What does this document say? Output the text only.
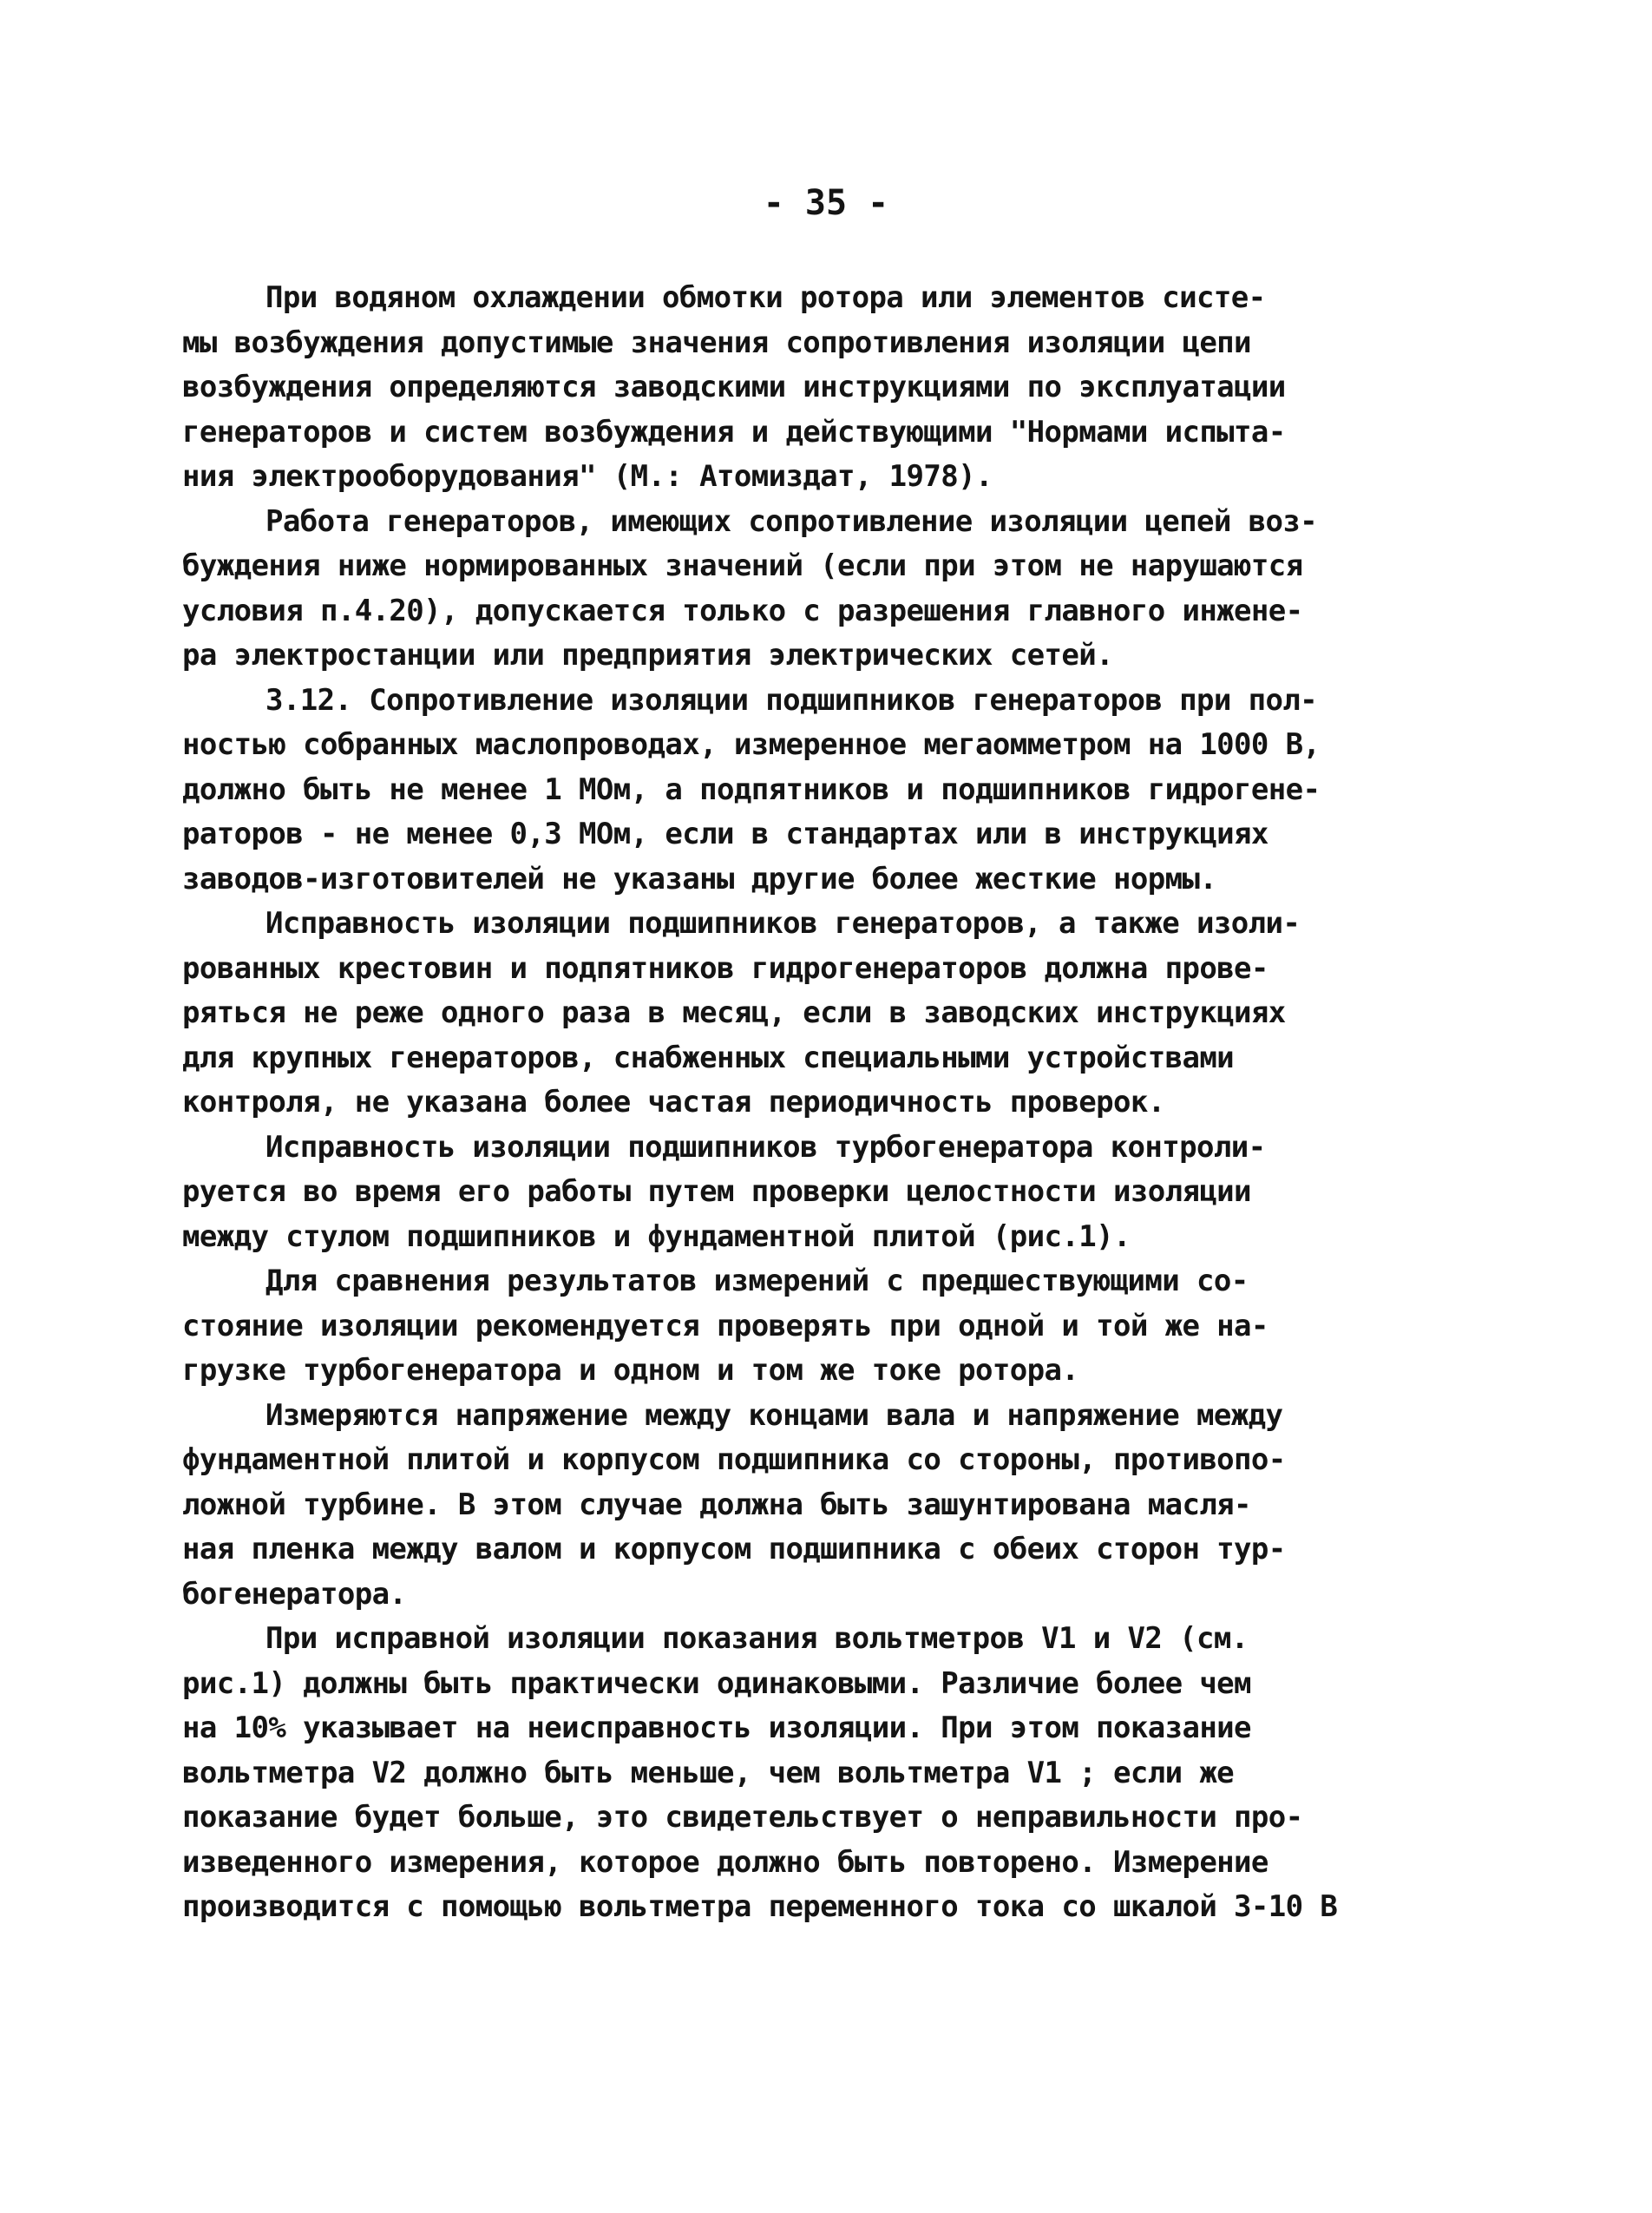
- 35 -
При водяном охлаждении обмотки ротора или элементов систе-
мы возбуждения допустимые значения сопротивления изоляции цепи
возбуждения определяются заводскими инструкциями по эксплуатации
генераторов и систем возбуждения и действующими "Нормами испыта-
ния электрооборудования" (М.: Атомиздат, 1978).
Работа генераторов, имеющих сопротивление изоляции цепей воз-
буждения ниже нормированных значений (если при этом не нарушаются
условия п.4.20), допускается только с разрешения главного инжене-
ра электростанции или предприятия электрических сетей.
3.12. Сопротивление изоляции подшипников генераторов при пол-
ностью собранных маслопроводах, измеренное мегаомметром на 1000 В,
должно быть не менее 1 МОм, а подпятников и подшипников гидрогене-
раторов - не менее 0,3 МОм, если в стандартах или в инструкциях
заводов-изготовителей не указаны другие более жесткие нормы.
Исправность изоляции подшипников генераторов, а также изоли-
рованных крестовин и подпятников гидрогенераторов должна прове-
ряться не реже одного раза в месяц, если в заводских инструкциях
для крупных генераторов, снабженных специальными устройствами
контроля, не указана более частая периодичность проверок.
Исправность изоляции подшипников турбогенератора контроли-
руется во время его работы путем проверки целостности изоляции
между стулом подшипников и фундаментной плитой (рис.1).
Для сравнения результатов измерений с предшествующими со-
стояние изоляции рекомендуется проверять при одной и той же на-
грузке турбогенератора и одном и том же токе ротора.
Измеряются напряжение между концами вала и напряжение между
фундаментной плитой и корпусом подшипника со стороны, противопо-
ложной турбине. В этом случае должна быть зашунтирована масля-
ная пленка между валом и корпусом подшипника с обеих сторон тур-
богенератора.
При исправной изоляции показания вольтметров V1 и V2 (см.
рис.1) должны быть практически одинаковыми. Различие более чем
на 10% указывает на неисправность изоляции. При этом показание
вольтметра V2 должно быть меньше, чем вольтметра V1 ; если же
показание будет больше, это свидетельствует о неправильности про-
изведенного измерения, которое должно быть повторено. Измерение
производится с помощью вольтметра переменного тока со шкалой 3-10 В
